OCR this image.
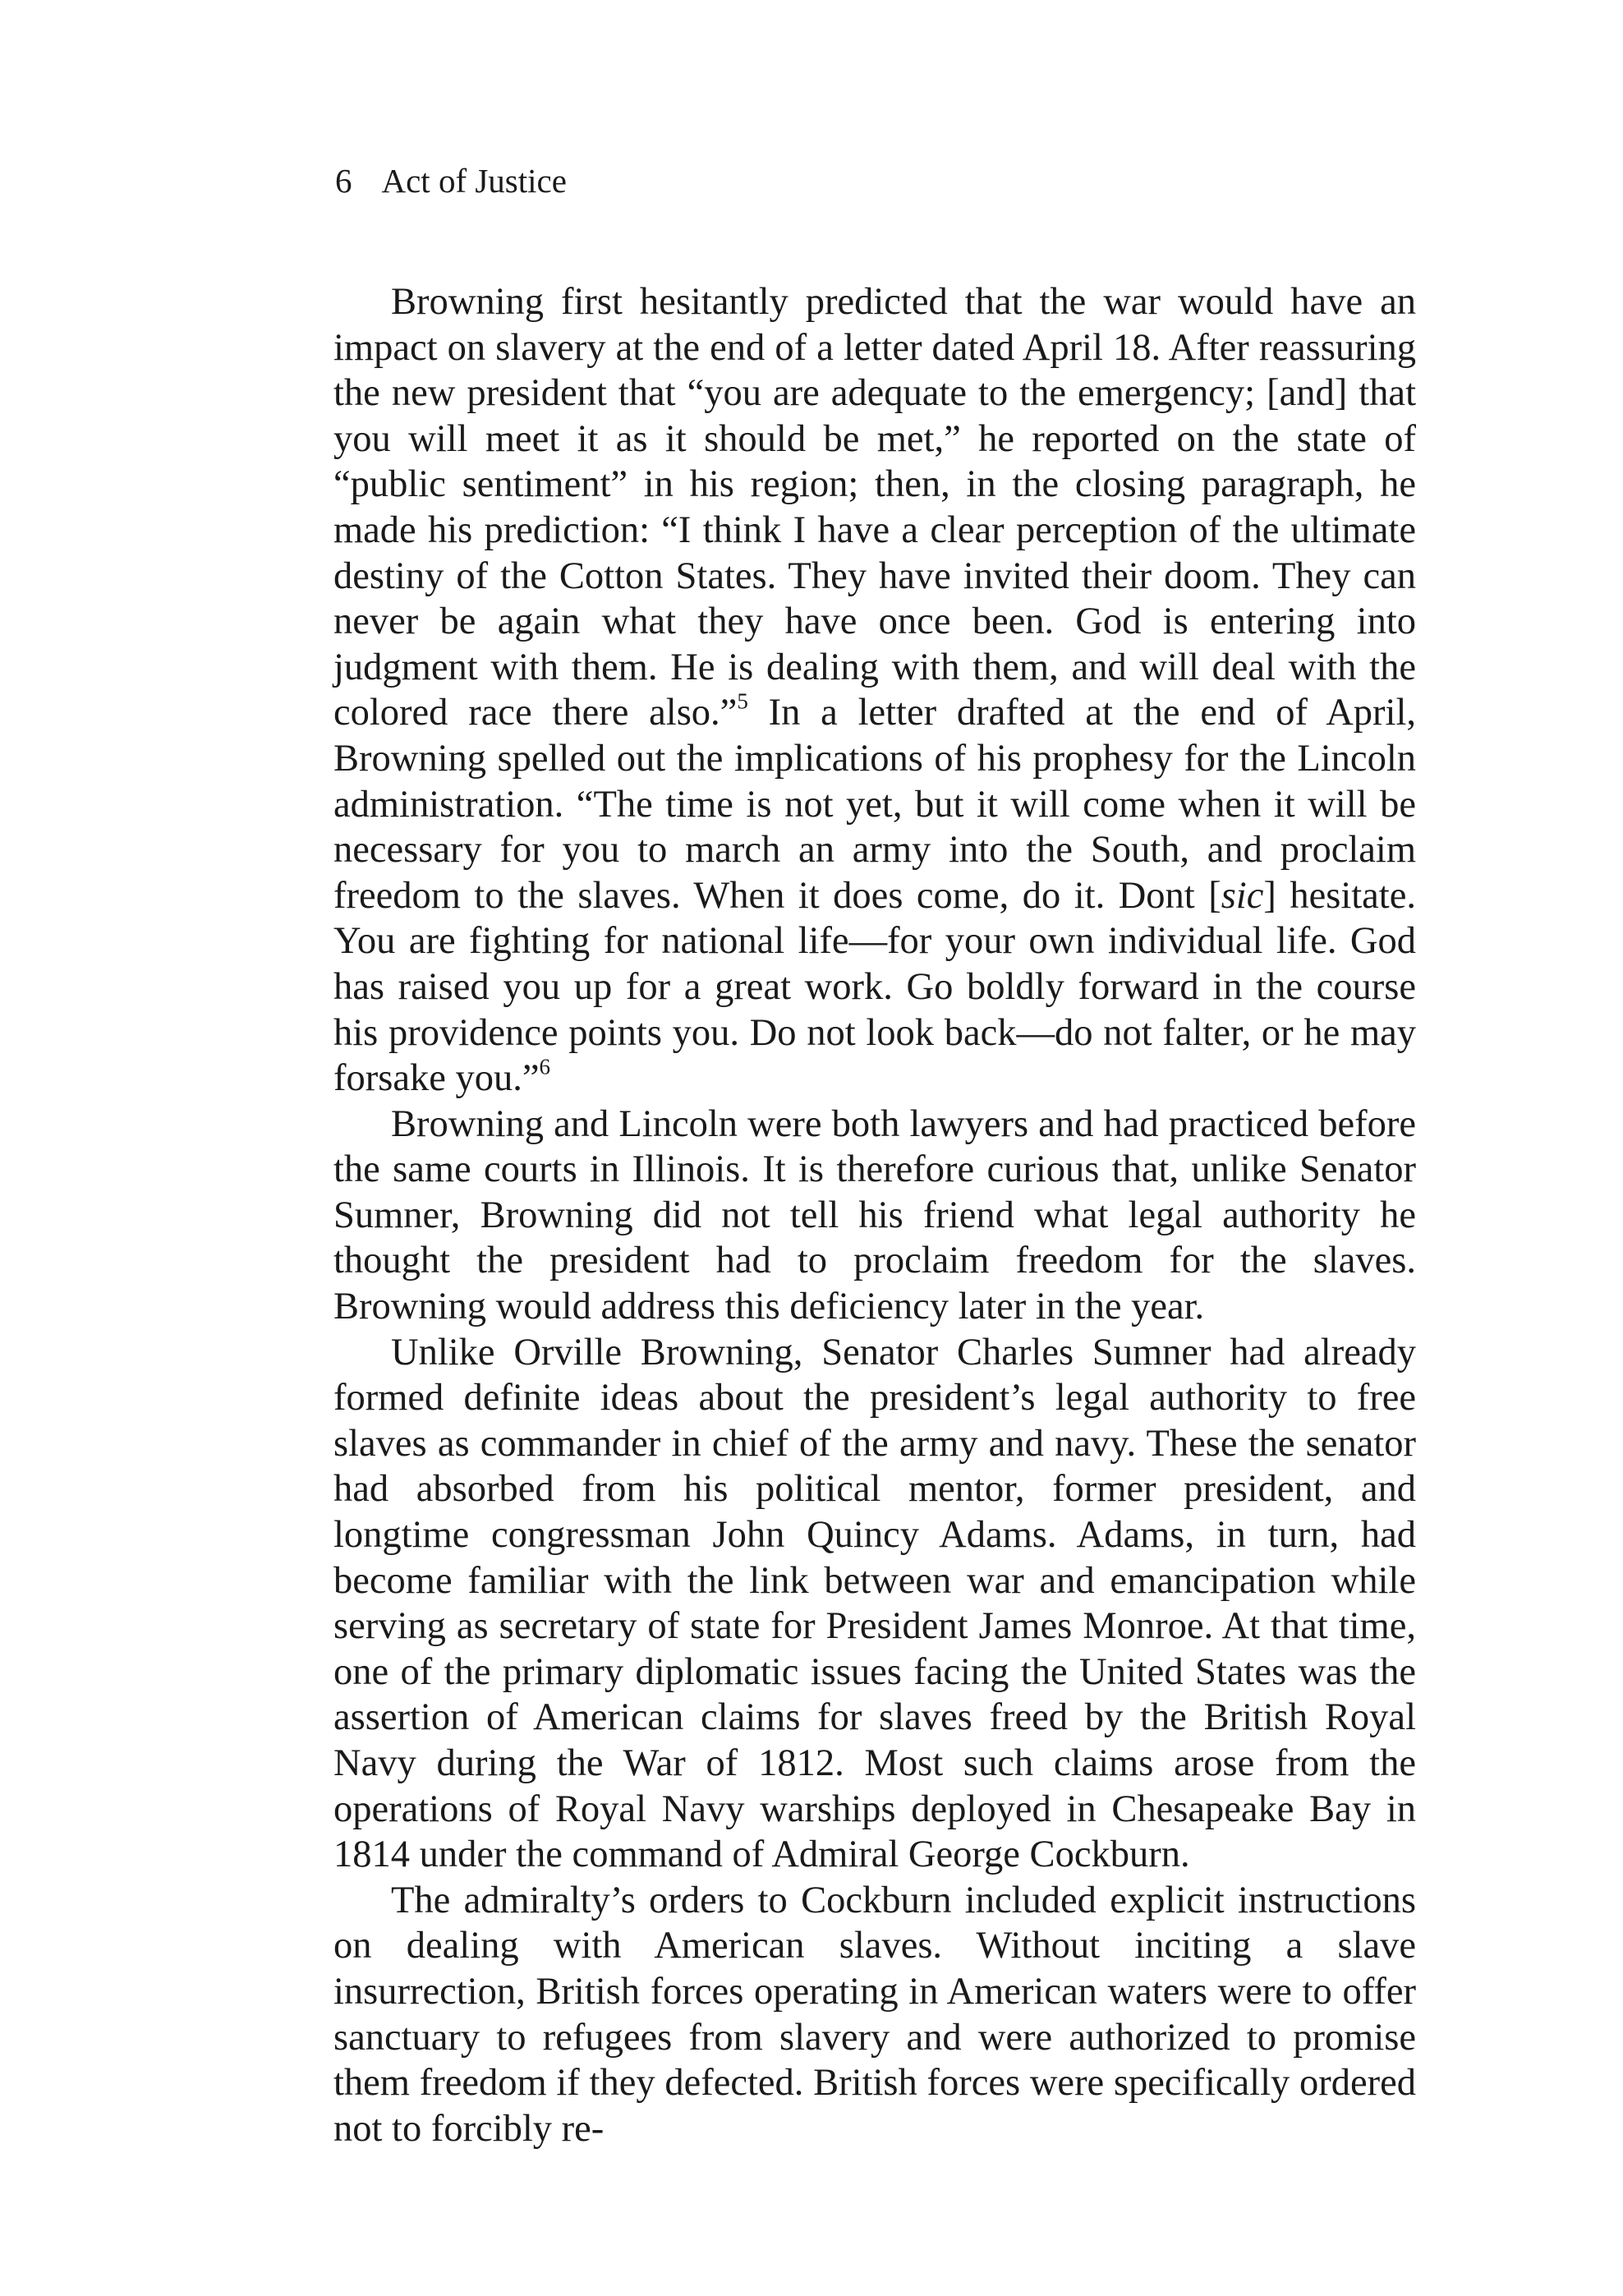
6 Act of Justice

Browning first hesitantly predicted that the war would have an impact on slavery at the end of a letter dated April 18. After reassuring the new president that “you are adequate to the emergency; [and] that you will meet it as it should be met,” he reported on the state of “public sentiment” in his region; then, in the closing paragraph, he made his prediction: “I think I have a clear perception of the ultimate destiny of the Cotton States. They have invited their doom. They can never be again what they have once been. God is entering into judgment with them. He is dealing with them, and will deal with the colored race there also.”$^5$ In a letter drafted at the end of April, Browning spelled out the implications of his prophesy for the Lincoln administration. “The time is not yet, but it will come when it will be necessary for you to march an army into the South, and proclaim freedom to the slaves. When it does come, do it. Dont [sic] hesitate. You are fighting for national life—for your own individual life. God has raised you up for a great work. Go boldly forward in the course his providence points you. Do not look back—do not falter, or he may forsake you.”$^6$

Browning and Lincoln were both lawyers and had practiced before the same courts in Illinois. It is therefore curious that, unlike Senator Sumner, Browning did not tell his friend what legal authority he thought the president had to proclaim freedom for the slaves. Browning would address this deficiency later in the year.

Unlike Orville Browning, Senator Charles Sumner had already formed definite ideas about the president’s legal authority to free slaves as commander in chief of the army and navy. These the senator had absorbed from his political mentor, former president, and longtime congressman John Quincy Adams. Adams, in turn, had become familiar with the link between war and emancipation while serving as secretary of state for President James Monroe. At that time, one of the primary diplomatic issues facing the United States was the assertion of American claims for slaves freed by the British Royal Navy during the War of 1812. Most such claims arose from the operations of Royal Navy warships deployed in Chesapeake Bay in 1814 under the command of Admiral George Cockburn.

The admiralty’s orders to Cockburn included explicit instructions on dealing with American slaves. Without inciting a slave insurrection, British forces operating in American waters were to offer sanctuary to refugees from slavery and were authorized to promise them freedom if they defected. British forces were specifically ordered not to forcibly re-
